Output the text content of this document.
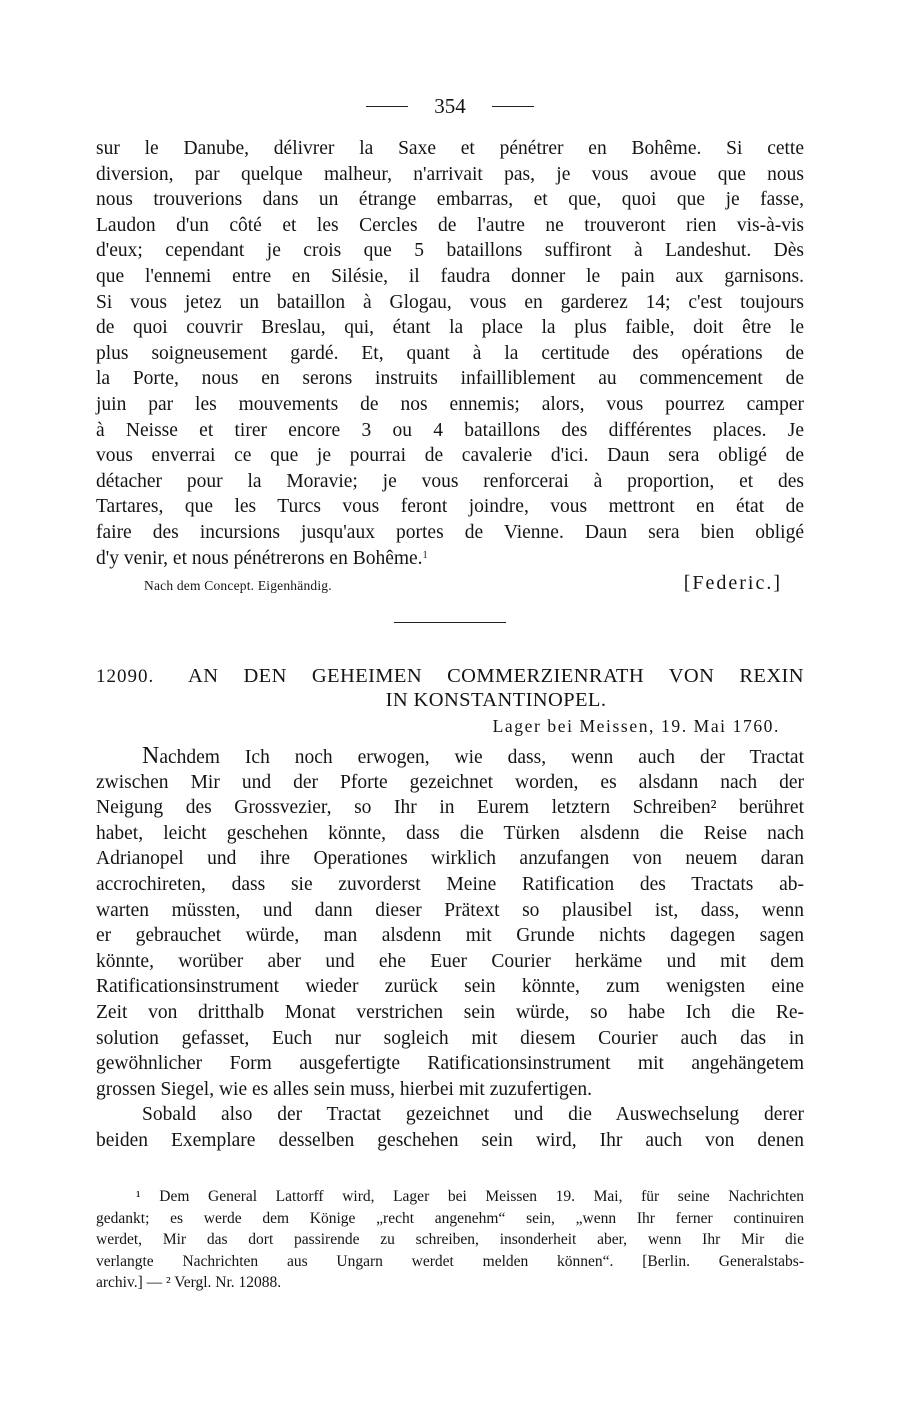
354
sur le Danube, délivrer la Saxe et pénétrer en Bohême. Si cette
diversion, par quelque malheur, n'arrivait pas, je vous avoue que nous
nous trouverions dans un étrange embarras, et que, quoi que je fasse,
Laudon d'un côté et les Cercles de l'autre ne trouveront rien vis-à-vis
d'eux; cependant je crois que 5 bataillons suffiront à Landeshut. Dès
que l'ennemi entre en Silésie, il faudra donner le pain aux garnisons.
Si vous jetez un bataillon à Glogau, vous en garderez 14; c'est toujours
de quoi couvrir Breslau, qui, étant la place la plus faible, doit être le
plus soigneusement gardé. Et, quant à la certitude des opérations de
la Porte, nous en serons instruits infailliblement au commencement de
juin par les mouvements de nos ennemis; alors, vous pourrez camper
à Neisse et tirer encore 3 ou 4 bataillons des différentes places. Je
vous enverrai ce que je pourrai de cavalerie d'ici. Daun sera obligé de
détacher pour la Moravie; je vous renforcerai à proportion, et des
Tartares, que les Turcs vous feront joindre, vous mettront en état de
faire des incursions jusqu'aux portes de Vienne. Daun sera bien obligé
d'y venir, et nous pénétrerons en Bohême.$^1$
Nach dem Concept. Eigenhändig.	[Federic.]
12090. AN DEN GEHEIMEN COMMERZIENRATH VON REXIN
IN KONSTANTINOPEL.
Lager bei Meissen, 19. Mai 1760.
Nachdem Ich noch erwogen, wie dass, wenn auch der Tractat
zwischen Mir und der Pforte gezeichnet worden, es alsdann nach der
Neigung des Grossvezier, so Ihr in Eurem letztern Schreiben² berühret
habet, leicht geschehen könnte, dass die Türken alsdenn die Reise nach
Adrianopel und ihre Operationes wirklich anzufangen von neuem daran
accrochireten, dass sie zuvorderst Meine Ratification des Tractats ab-
warten müssten, und dann dieser Prätext so plausibel ist, dass, wenn
er gebrauchet würde, man alsdenn mit Grunde nichts dagegen sagen
könnte, worüber aber und ehe Euer Courier herkäme und mit dem
Ratificationsinstrument wieder zurück sein könnte, zum wenigsten eine
Zeit von dritthalb Monat verstrichen sein würde, so habe Ich die Re-
solution gefasset, Euch nur sogleich mit diesem Courier auch das in
gewöhnlicher Form ausgefertigte Ratificationsinstrument mit angehängetem
grossen Siegel, wie es alles sein muss, hierbei mit zuzufertigen.
Sobald also der Tractat gezeichnet und die Auswechselung derer
beiden Exemplare desselben geschehen sein wird, Ihr auch von denen
¹ Dem General Lattorff wird, Lager bei Meissen 19. Mai, für seine Nachrichten
gedankt; es werde dem Könige „recht angenehm“ sein, „wenn Ihr ferner continuiren
werdet, Mir das dort passirende zu schreiben, insonderheit aber, wenn Ihr Mir die
verlangte Nachrichten aus Ungarn werdet melden können“. [Berlin. Generalstabs-
archiv.] — ² Vergl. Nr. 12088.
